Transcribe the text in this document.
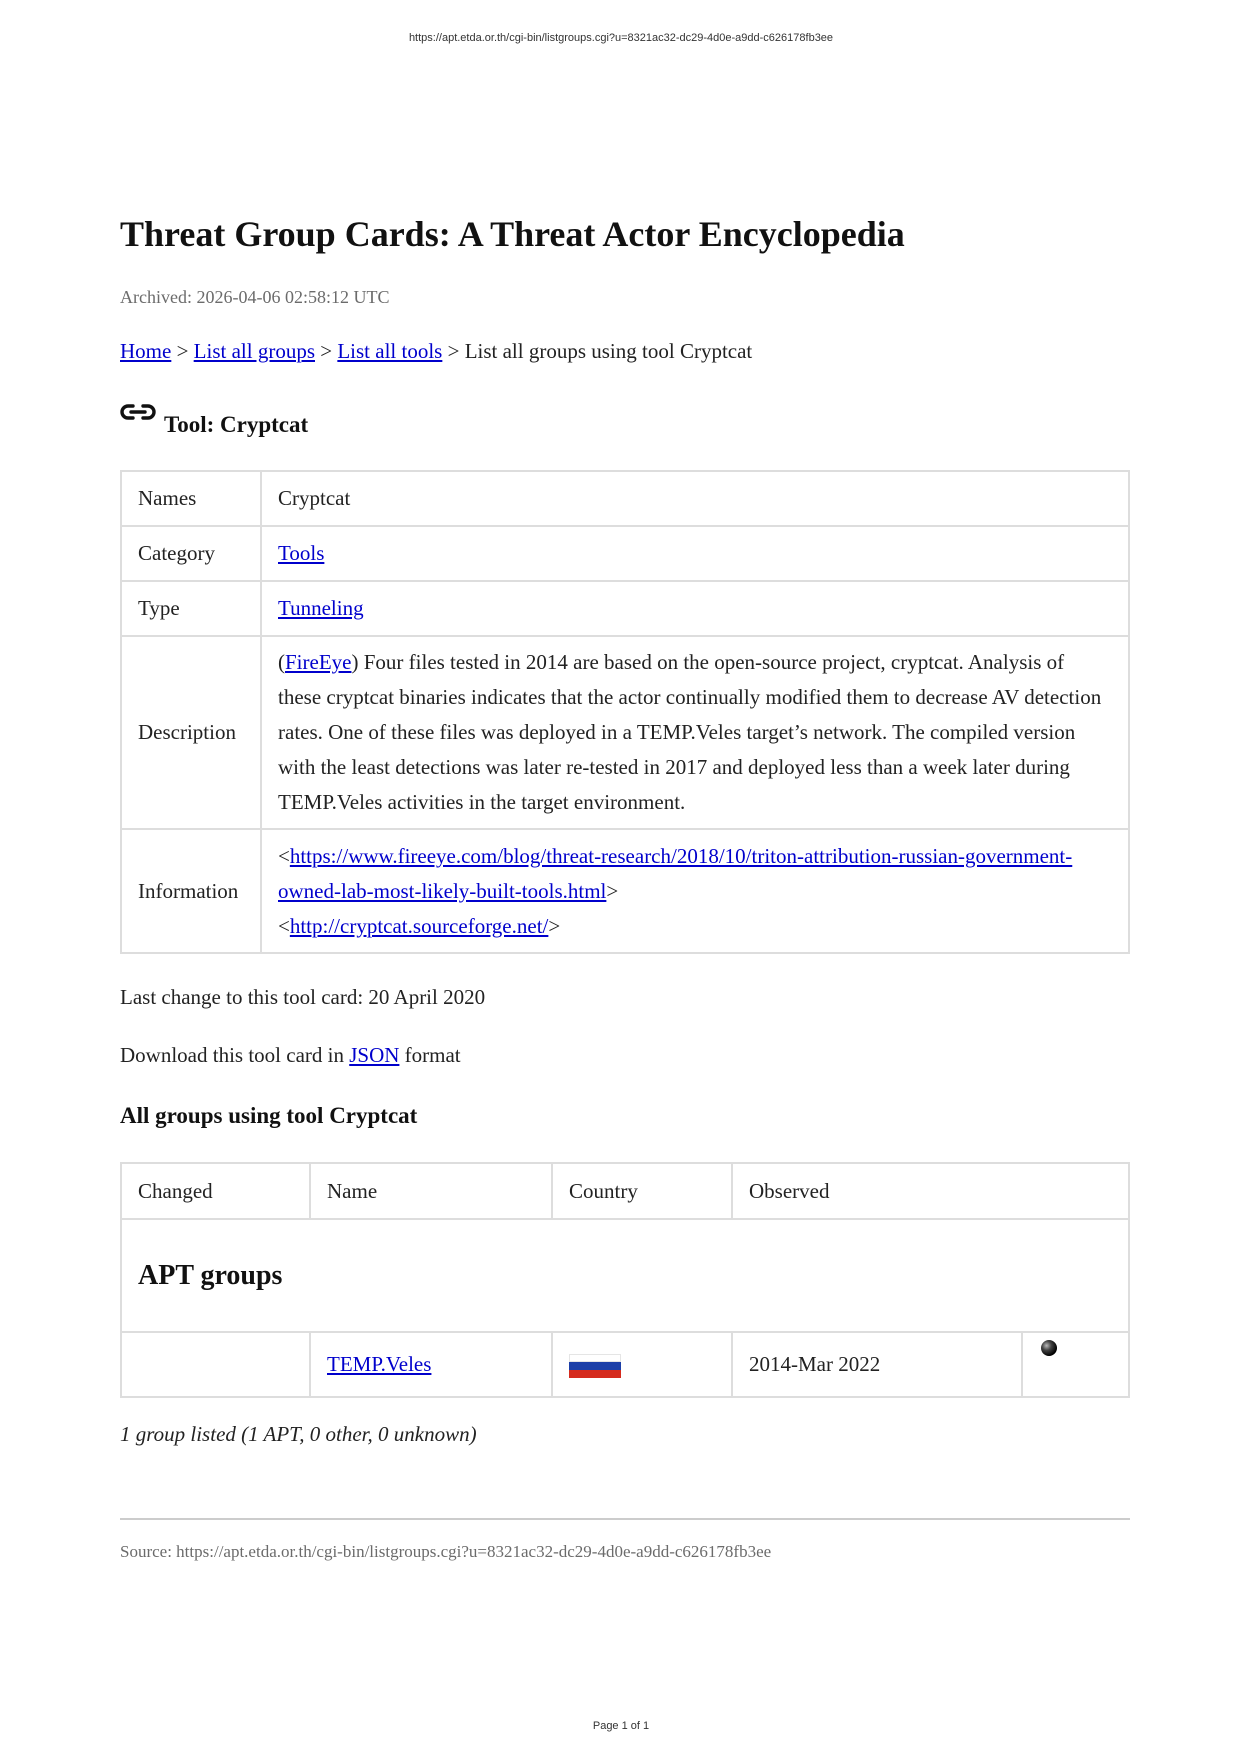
https://apt.etda.or.th/cgi-bin/listgroups.cgi?u=8321ac32-dc29-4d0e-a9dd-c626178fb3ee
Threat Group Cards: A Threat Actor Encyclopedia
Archived: 2026-04-06 02:58:12 UTC
Home > List all groups > List all tools > List all groups using tool Cryptcat
Tool: Cryptcat
Names	Cryptcat
Category	Tools
Type	Tunneling
Description	(FireEye) Four files tested in 2014 are based on the open-source project, cryptcat. Analysis of these cryptcat binaries indicates that the actor continually modified them to decrease AV detection rates. One of these files was deployed in a TEMP.Veles target’s network. The compiled version with the least detections was later re-tested in 2017 and deployed less than a week later during TEMP.Veles activities in the target environment.
Information	<https://www.fireeye.com/blog/threat-research/2018/10/triton-attribution-russian-government-
owned-lab-most-likely-built-tools.html>
<http://cryptcat.sourceforge.net/>
Last change to this tool card: 20 April 2020
Download this tool card in JSON format
All groups using tool Cryptcat
Changed	Name	Country	Observed	
APT groups				
	TEMP.Veles		2014-Mar 2022	
1 group listed (1 APT, 0 other, 0 unknown)
Source: https://apt.etda.or.th/cgi-bin/listgroups.cgi?u=8321ac32-dc29-4d0e-a9dd-c626178fb3ee
Page 1 of 1
